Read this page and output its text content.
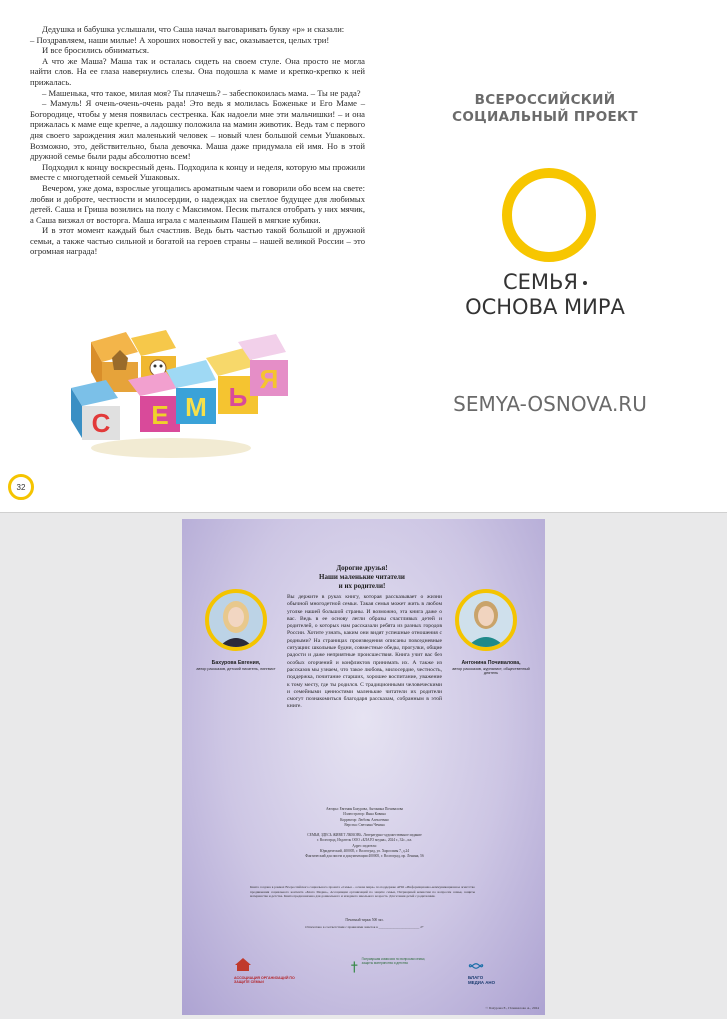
Дедушка и бабушка услышали, что Саша начал выговаривать букву «р» и сказали:

– Поздравляем, наши милые! А хороших новостей у вас, оказывается, целых три!

И все бросились обниматься.

А что же Маша? Маша так и осталась сидеть на своем стуле. Она просто не могла найти слов. На ее глаза навернулись слезы. Она подошла к маме и крепко-крепко к ней прижалась.

– Машенька, что такое, милая моя? Ты плачешь? – забеспокоилась мама. – Ты не рада?

– Мамуль! Я очень-очень-очень рада! Это ведь я молилась Боженьке и Его Маме – Богородице, чтобы у меня появилась сестренка. Как надоели мне эти мальчишки! – и она прижалась к маме еще крепче, а ладошку положила на мамин животик. Ведь там с первого дня своего зарождения жил маленький человек – новый член большой семьи Ушаковых. Возможно, это, действительно, была девочка. Маша даже придумала ей имя. Но в этой дружной семье были рады абсолютно всем!

Подходил к концу воскресный день. Подходила к концу и неделя, которую мы прожили вместе с многодетной семьей Ушаковых.

Вечером, уже дома, взрослые угощались ароматным чаем и говорили обо всем на свете: любви и доброте, честности и милосердии, о надеждах на светлое будущее для любимых детей. Саша и Гриша возились на полу с Максимом. Песик пытался отобрать у них мячик, а Саша визжал от восторга. Маша играла с маленьким Пашей в мягкие кубики.

И в этот момент каждый был счастлив. Ведь быть частью такой большой и дружной семьи, а также частью сильной и богатой на героев страны – нашей великой России – это огромная награда!

С Е М Ь
Я
32
ВСЕРОССИЙСКИЙ
СОЦИАЛЬНЫЙ ПРОЕКТ
СЕМЬЯ
ОСНОВА МИРА
SEMYA-OSNOVA.RU
Дорогие друзья!
Наши маленькие читатели
и их родители!
Бахурова Евгения,
автор рассказов, детский писатель, лингвист
Антонина Почивалова,
автор рассказов, журналист, общественный деятель
Вы держите в руках книгу, которая рассказывает о жизни обычной многодетной семьи. Такая семья может жить в любом уголке нашей большой страны. И возможно, эта книга даже о вас. Ведь в ее основу легли образы счастливых детей и родителей, о которых нам рассказали ребята из разных городов России. Хотите узнать, каким они видят успешные отношения с родными? На страницах произведения описаны повседневные ситуации: школьные будни, совместные обеды, прогулки, общие радости и даже неприятные происшествия. Книга учит вас без особых огорчений и конфликтов принимать их. А также из рассказов мы узнаем, что такое любовь, милосердие, честность, поддержка, почитание старших, хорошее воспитание, уважение к тому месту, где ты родился. С традиционными человеческими и семейными ценностями маленькие читатели их родители смогут познакомиться благодаря рассказам, собранным в этой книге.
Авторы: Евгения Бахурова, Антонина Почивалова
Иллюстратор: Инна Ковина
Корректор: Любовь Алексеенко
Верстка: Светлана Чечина
СЕМЬЯ, ЗДЕСЬ ЖИВЕТ ЛЮБОВЬ. Литературно-художественное издание
г. Волгоград, Издатель ООО «БЛАГО медиа», 2024 г., 32с., ил.
Адрес издателя:
Юридический, 400005, г. Волгоград, ул. Хиросимы 7, д.24
Фактический для писем и документации 400005, г. Волгоград, пр. Ленина, 56
Книга создана в рамках Всероссийского социального проекта «Семья – основа мира» по поддержке АНО «Информационно-коммуникационное агентство продвижения социального контента «Благо Медиа», Ассоциации организаций по защите семьи, Патриаршей комиссии по вопросам семьи, защиты материнства и детства. Книга предназначена для дошкольного и младшего школьного возраста. Для чтения детей с родителями.
Печатный тираж 500 экз.
Отпечатано в соответствии с правилами заметок в ________________________ 2+
АССОЦИАЦИЯ ОРГАНИЗАЦИЙ ПО ЗАЩИТЕ СЕМЬИ
Патриаршая комиссия по вопросам семьи, защиты материнства и детства
БЛАГО МЕДИА АНО
© Бахурова Е., Почивалова А., 2024
